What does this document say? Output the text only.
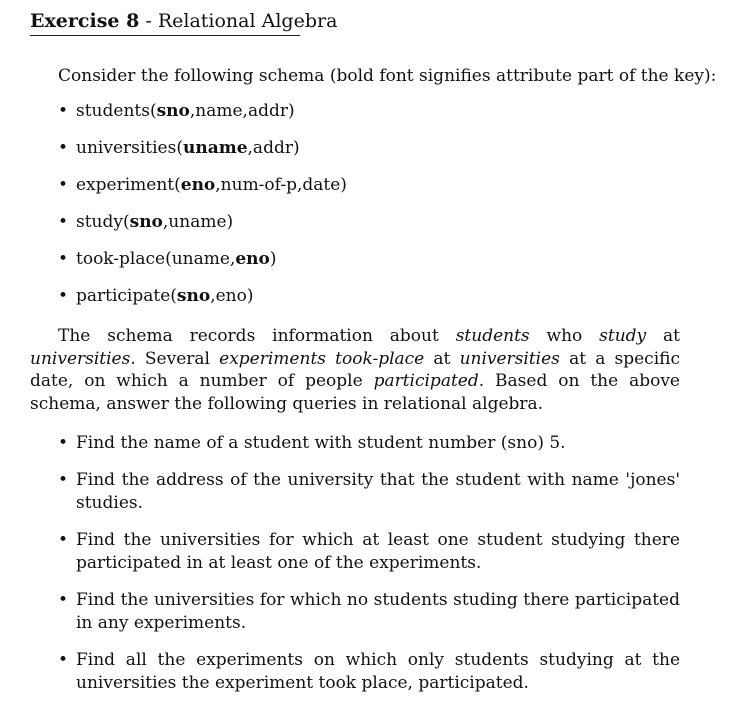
Exercise 8 - Relational Algebra
Consider the following schema (bold font signifies attribute part of the key):
• students(sno,name,addr)
• universities(uname,addr)
• experiment(eno,num-of-p,date)
• study(sno,uname)
• took-place(uname,eno)
• participate(sno,eno)
The schema records information about students who study at universities. Several experiments took-place at universities at a specific date, on which a number of people participated. Based on the above schema, answer the following queries in relational algebra.
• Find the name of a student with student number (sno) 5.
• Find the address of the university that the student with name 'jones' studies.
• Find the universities for which at least one student studying there participated in at least one of the experiments.
• Find the universities for which no students studing there participated in any experiments.
• Find all the experiments on which only students studying at the universities the experiment took place, participated.
